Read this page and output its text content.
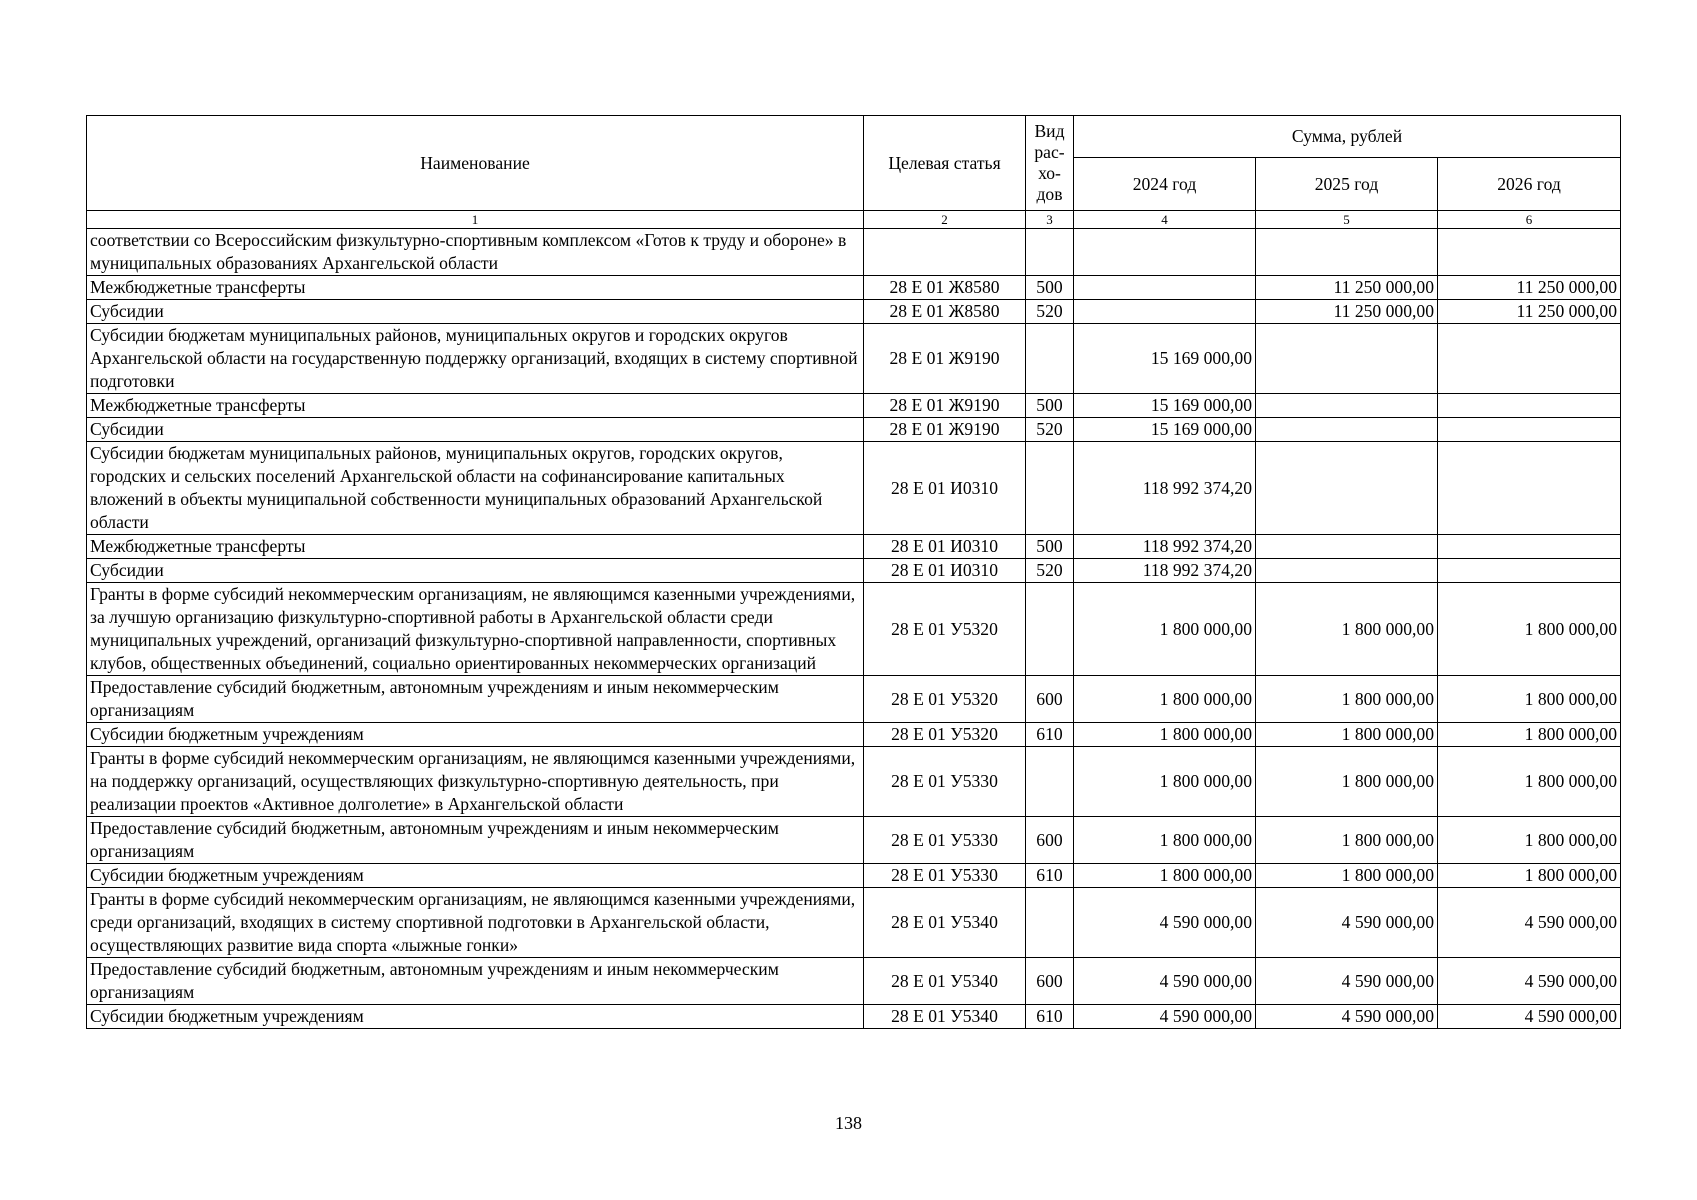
Наименование	Целевая статья	Вид рас-хо-дов	Сумма, рублей		
			2024 год	2025 год	2026 год
1	2	3	4	5	6
соответствии со Всероссийским физкультурно-спортивным комплексом «Готов к труду и обороне» в муниципальных образованиях Архангельской области					
Межбюджетные трансферты	28 Е 01 Ж8580	500		11 250 000,00	11 250 000,00
Субсидии	28 Е 01 Ж8580	520		11 250 000,00	11 250 000,00
Субсидии бюджетам муниципальных районов, муниципальных округов и городских округов Архангельской области на государственную поддержку организаций, входящих в систему спортивной подготовки	28 Е 01 Ж9190		15 169 000,00		
Межбюджетные трансферты	28 Е 01 Ж9190	500	15 169 000,00		
Субсидии	28 Е 01 Ж9190	520	15 169 000,00		
Субсидии бюджетам муниципальных районов, муниципальных округов, городских округов, городских и сельских поселений Архангельской области на софинансирование капитальных вложений в объекты муниципальной собственности муниципальных образований Архангельской области	28 Е 01 И0310		118 992 374,20		
Межбюджетные трансферты	28 Е 01 И0310	500	118 992 374,20		
Субсидии	28 Е 01 И0310	520	118 992 374,20		
Гранты в форме субсидий некоммерческим организациям, не являющимся казенными учреждениями, за лучшую организацию физкультурно-спортивной работы в Архангельской области среди муниципальных учреждений, организаций физкультурно-спортивной направленности, спортивных клубов, общественных объединений, социально ориентированных некоммерческих организаций	28 Е 01 У5320		1 800 000,00	1 800 000,00	1 800 000,00
Предоставление субсидий бюджетным, автономным учреждениям и иным некоммерческим организациям	28 Е 01 У5320	600	1 800 000,00	1 800 000,00	1 800 000,00
Субсидии бюджетным учреждениям	28 Е 01 У5320	610	1 800 000,00	1 800 000,00	1 800 000,00
Гранты в форме субсидий некоммерческим организациям, не являющимся казенными учреждениями, на поддержку организаций, осуществляющих физкультурно-спортивную деятельность, при реализации проектов «Активное долголетие» в Архангельской области	28 Е 01 У5330		1 800 000,00	1 800 000,00	1 800 000,00
Предоставление субсидий бюджетным, автономным учреждениям и иным некоммерческим организациям	28 Е 01 У5330	600	1 800 000,00	1 800 000,00	1 800 000,00
Субсидии бюджетным учреждениям	28 Е 01 У5330	610	1 800 000,00	1 800 000,00	1 800 000,00
Гранты в форме субсидий некоммерческим организациям, не являющимся казенными учреждениями, среди организаций, входящих в систему спортивной подготовки в Архангельской области, осуществляющих развитие вида спорта «лыжные гонки»	28 Е 01 У5340		4 590 000,00	4 590 000,00	4 590 000,00
Предоставление субсидий бюджетным, автономным учреждениям и иным некоммерческим организациям	28 Е 01 У5340	600	4 590 000,00	4 590 000,00	4 590 000,00
Субсидии бюджетным учреждениям	28 Е 01 У5340	610	4 590 000,00	4 590 000,00	4 590 000,00
138
